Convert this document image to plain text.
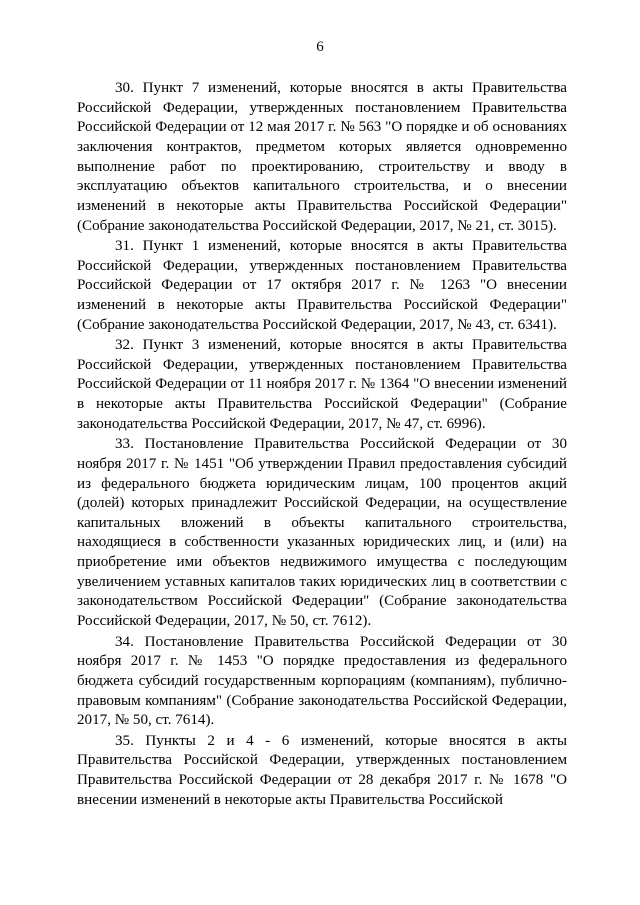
6

30. Пункт 7 изменений, которые вносятся в акты Правительства Российской Федерации, утвержденных постановлением Правительства Российской Федерации от 12 мая 2017 г. № 563 "О порядке и об основаниях заключения контрактов, предметом которых является одновременно выполнение работ по проектированию, строительству и вводу в эксплуатацию объектов капитального строительства, и о внесении изменений в некоторые акты Правительства Российской Федерации" (Собрание законодательства Российской Федерации, 2017, № 21, ст. 3015).

31. Пункт 1 изменений, которые вносятся в акты Правительства Российской Федерации, утвержденных постановлением Правительства Российской Федерации от 17 октября 2017 г. № 1263 "О внесении изменений в некоторые акты Правительства Российской Федерации" (Собрание законодательства Российской Федерации, 2017, № 43, ст. 6341).

32. Пункт 3 изменений, которые вносятся в акты Правительства Российской Федерации, утвержденных постановлением Правительства Российской Федерации от 11 ноября 2017 г. № 1364 "О внесении изменений в некоторые акты Правительства Российской Федерации" (Собрание законодательства Российской Федерации, 2017, № 47, ст. 6996).

33. Постановление Правительства Российской Федерации от 30 ноября 2017 г. № 1451 "Об утверждении Правил предоставления субсидий из федерального бюджета юридическим лицам, 100 процентов акций (долей) которых принадлежит Российской Федерации, на осуществление капитальных вложений в объекты капитального строительства, находящиеся в собственности указанных юридических лиц, и (или) на приобретение ими объектов недвижимого имущества с последующим увеличением уставных капиталов таких юридических лиц в соответствии с законодательством Российской Федерации" (Собрание законодательства Российской Федерации, 2017, № 50, ст. 7612).

34. Постановление Правительства Российской Федерации от 30 ноября 2017 г. № 1453 "О порядке предоставления из федерального бюджета субсидий государственным корпорациям (компаниям), публично-правовым компаниям" (Собрание законодательства Российской Федерации, 2017, № 50, ст. 7614).

35. Пункты 2 и 4 - 6 изменений, которые вносятся в акты Правительства Российской Федерации, утвержденных постановлением Правительства Российской Федерации от 28 декабря 2017 г. № 1678 "О внесении изменений в некоторые акты Правительства Российской
